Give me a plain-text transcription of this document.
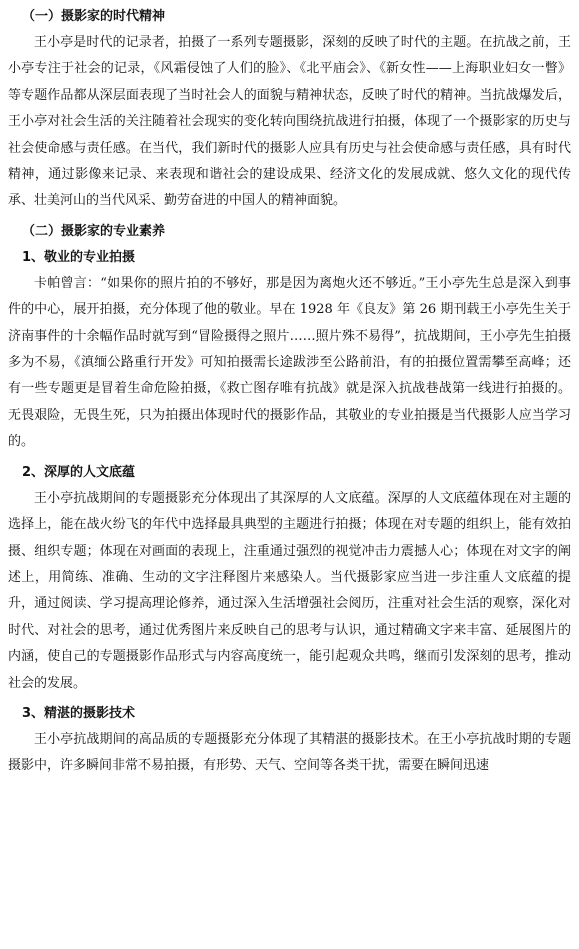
（一）摄影家的时代精神

王小亭是时代的记录者，拍摄了一系列专题摄影，深刻的反映了时代的主题。在抗战之前，王小亭专注于社会的记录，《风霜侵蚀了人们的脸》、《北平庙会》、《新女性——上海职业妇女一瞥》等专题作品都从深层面表现了当时社会人的面貌与精神状态，反映了时代的精神。当抗战爆发后，王小亭对社会生活的关注随着社会现实的变化转向围绕抗战进行拍摄，体现了一个摄影家的历史与社会使命感与责任感。在当代，我们新时代的摄影人应具有历史与社会使命感与责任感，具有时代精神，通过影像来记录、来表现和谐社会的建设成果、经济文化的发展成就、悠久文化的现代传承、壮美河山的当代风采、勤劳奋进的中国人的精神面貌。

（二）摄影家的专业素养
1、敬业的专业拍摄

卡帕曾言：“如果你的照片拍的不够好，那是因为离炮火还不够近。”王小亭先生总是深入到事件的中心，展开拍摄，充分体现了他的敬业。早在 1928 年《良友》第 26 期刊载王小亭先生关于济南事件的十余幅作品时就写到“冒险摄得之照片……照片殊不易得”，抗战期间，王小亭先生拍摄多为不易，《滇缅公路重行开发》可知拍摄需长途跋涉至公路前沿，有的拍摄位置需攀至高峰；还有一些专题更是冒着生命危险拍摄，《救亡图存唯有抗战》就是深入抗战巷战第一线进行拍摄的。无畏艰险，无畏生死，只为拍摄出体现时代的摄影作品，其敬业的专业拍摄是当代摄影人应当学习的。

2、深厚的人文底蕴

王小亭抗战期间的专题摄影充分体现出了其深厚的人文底蕴。深厚的人文底蕴体现在对主题的选择上，能在战火纷飞的年代中选择最具典型的主题进行拍摄；体现在对专题的组织上，能有效拍摄、组织专题；体现在对画面的表现上，注重通过强烈的视觉冲击力震撼人心；体现在对文字的阐述上，用简练、准确、生动的文字注释图片来感染人。当代摄影家应当进一步注重人文底蕴的提升，通过阅读、学习提高理论修养，通过深入生活增强社会阅历，注重对社会生活的观察，深化对时代、对社会的思考，通过优秀图片来反映自己的思考与认识，通过精确文字来丰富、延展图片的内涵，使自己的专题摄影作品形式与内容高度统一，能引起观众共鸣，继而引发深刻的思考，推动社会的发展。

3、精湛的摄影技术

王小亭抗战期间的高品质的专题摄影充分体现了其精湛的摄影技术。在王小亭抗战时期的专题摄影中，许多瞬间非常不易拍摄，有形势、天气、空间等各类干扰，需要在瞬间迅速
